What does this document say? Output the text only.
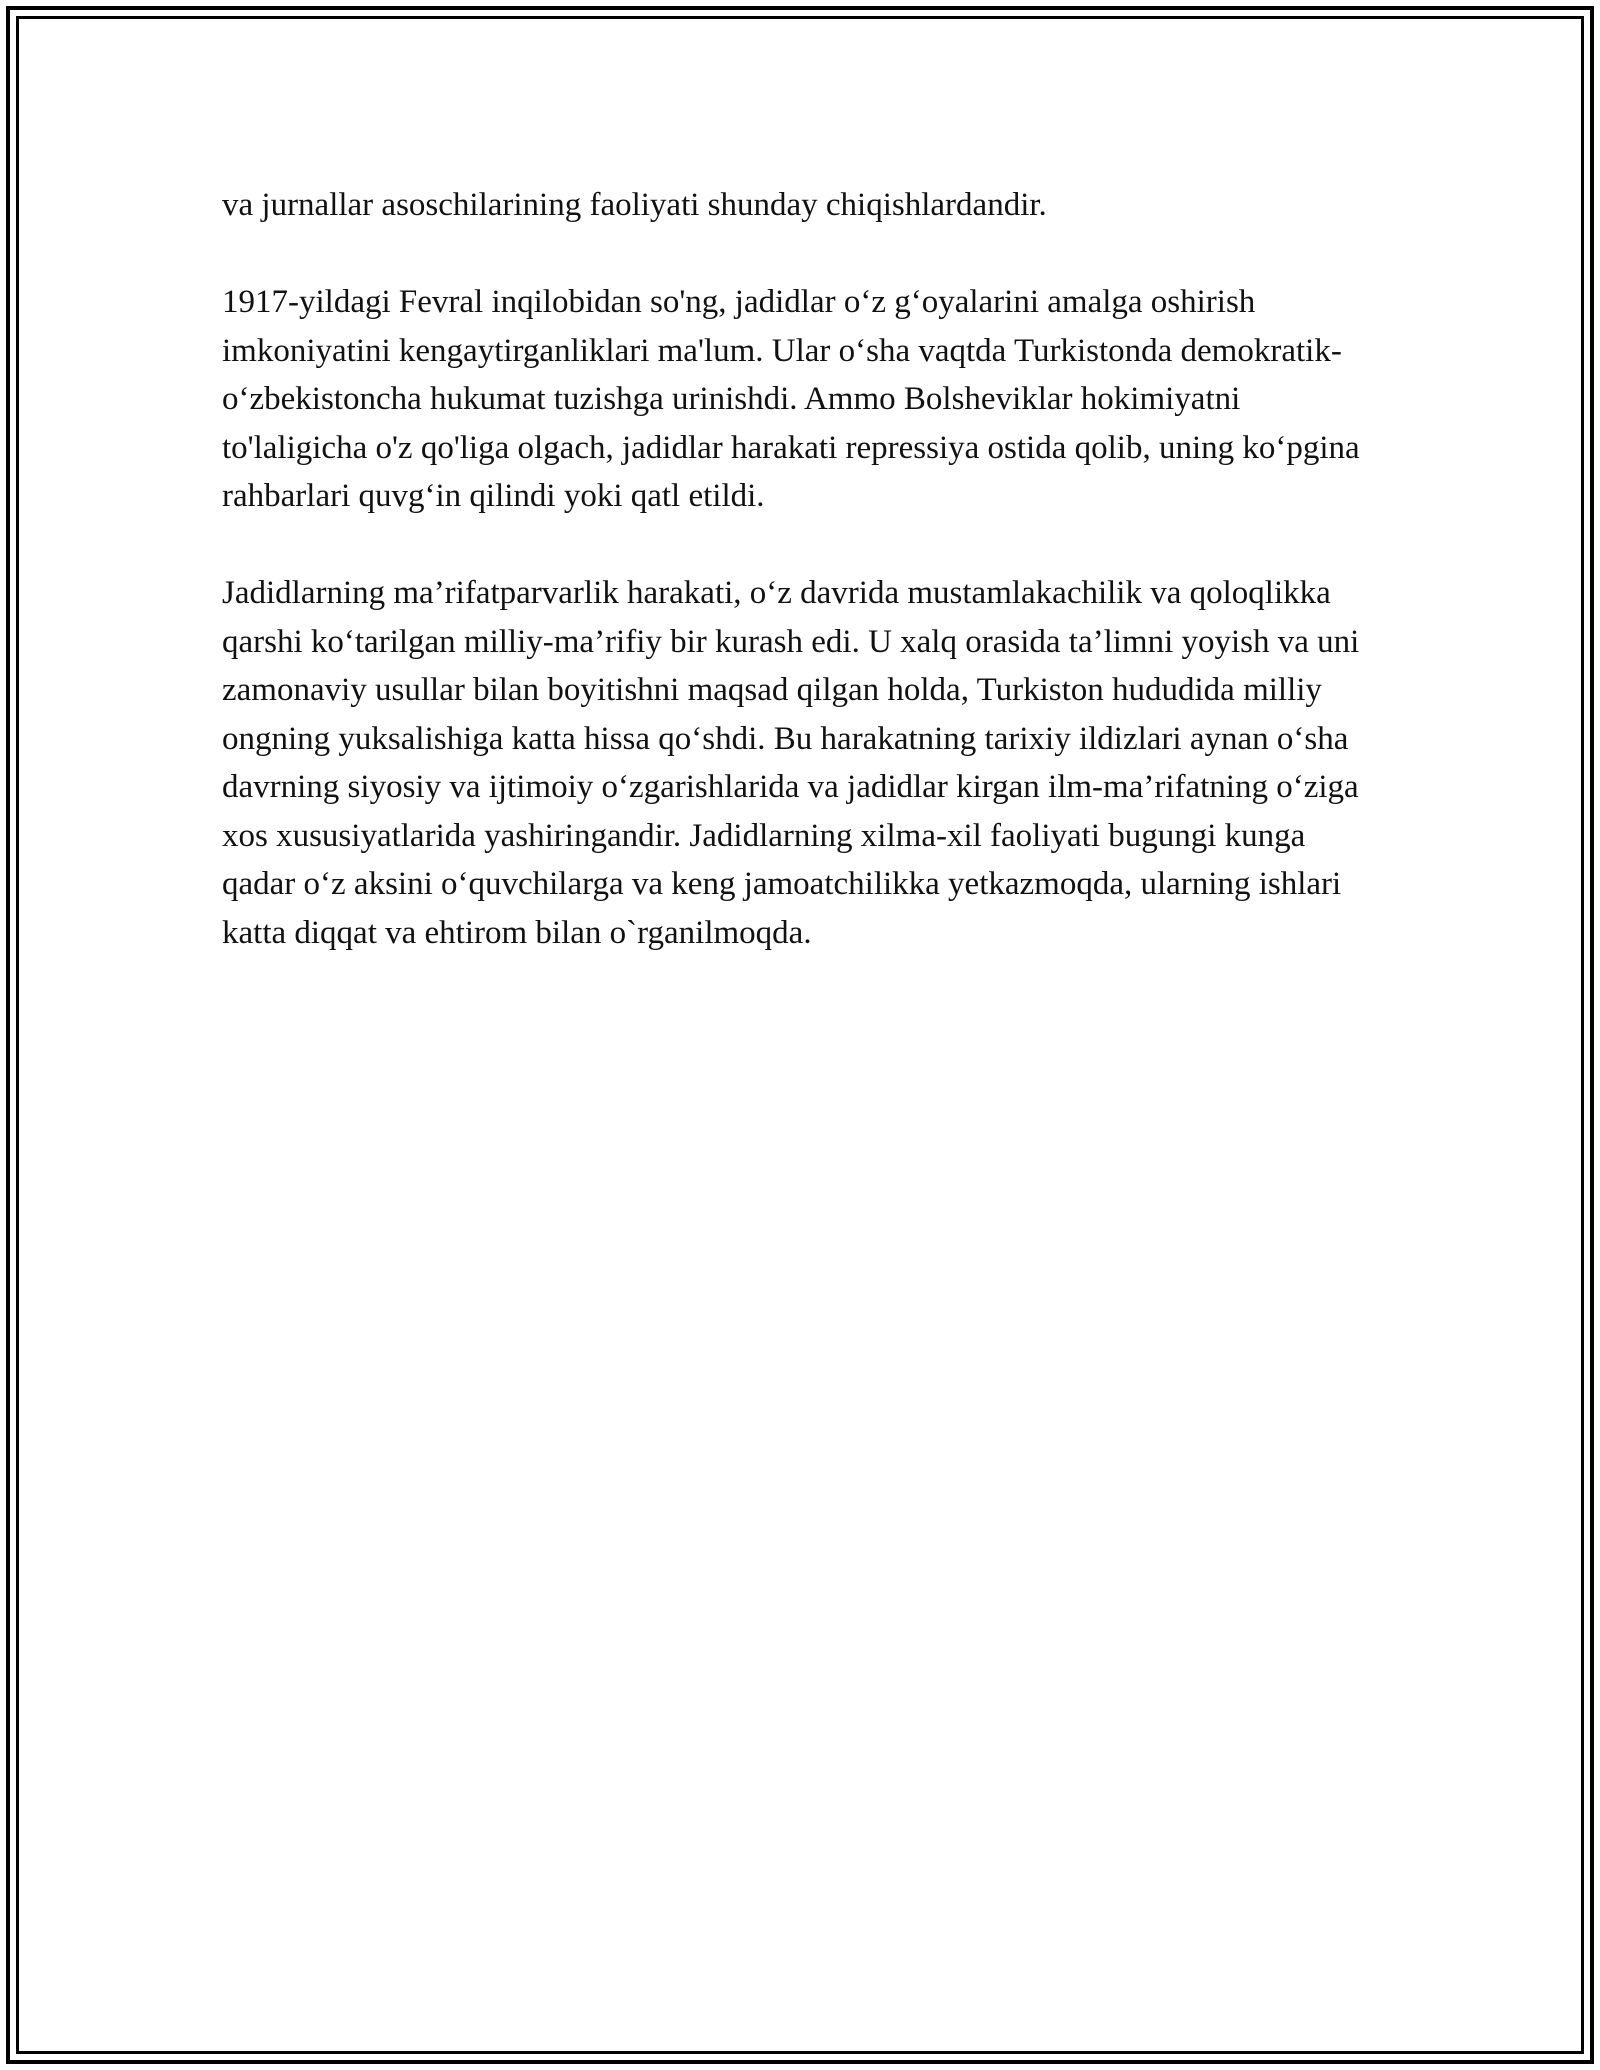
va jurnallar asoschilarining faoliyati shunday chiqishlardandir.

1917-yildagi Fevral inqilobidan so'ng, jadidlar o‘z g‘oyalarini amalga oshirish imkoniyatini kengaytirganliklari ma'lum. Ular o‘sha vaqtda Turkistonda demokratik-o‘zbekistoncha hukumat tuzishga urinishdi. Ammo Bolsheviklar hokimiyatni to'laligicha o'z qo'liga olgach, jadidlar harakati repressiya ostida qolib, uning ko‘pgina rahbarlari quvg‘in qilindi yoki qatl etildi.

Jadidlarning ma’rifatparvarlik harakati, o‘z davrida mustamlakachilik va qoloqlikka qarshi ko‘tarilgan milliy-ma’rifiy bir kurash edi. U xalq orasida ta’limni yoyish va uni zamonaviy usullar bilan boyitishni maqsad qilgan holda, Turkiston hududida milliy ongning yuksalishiga katta hissa qo‘shdi. Bu harakatning tarixiy ildizlari aynan o‘sha davrning siyosiy va ijtimoiy o‘zgarishlarida va jadidlar kirgan ilm-ma’rifatning o‘ziga xos xususiyatlarida yashiringandir. Jadidlarning xilma-xil faoliyati bugungi kunga qadar o‘z aksini o‘quvchilarga va keng jamoatchilikka yetkazmoqda, ularning ishlari katta diqqat va ehtirom bilan o`rganilmoqda.
